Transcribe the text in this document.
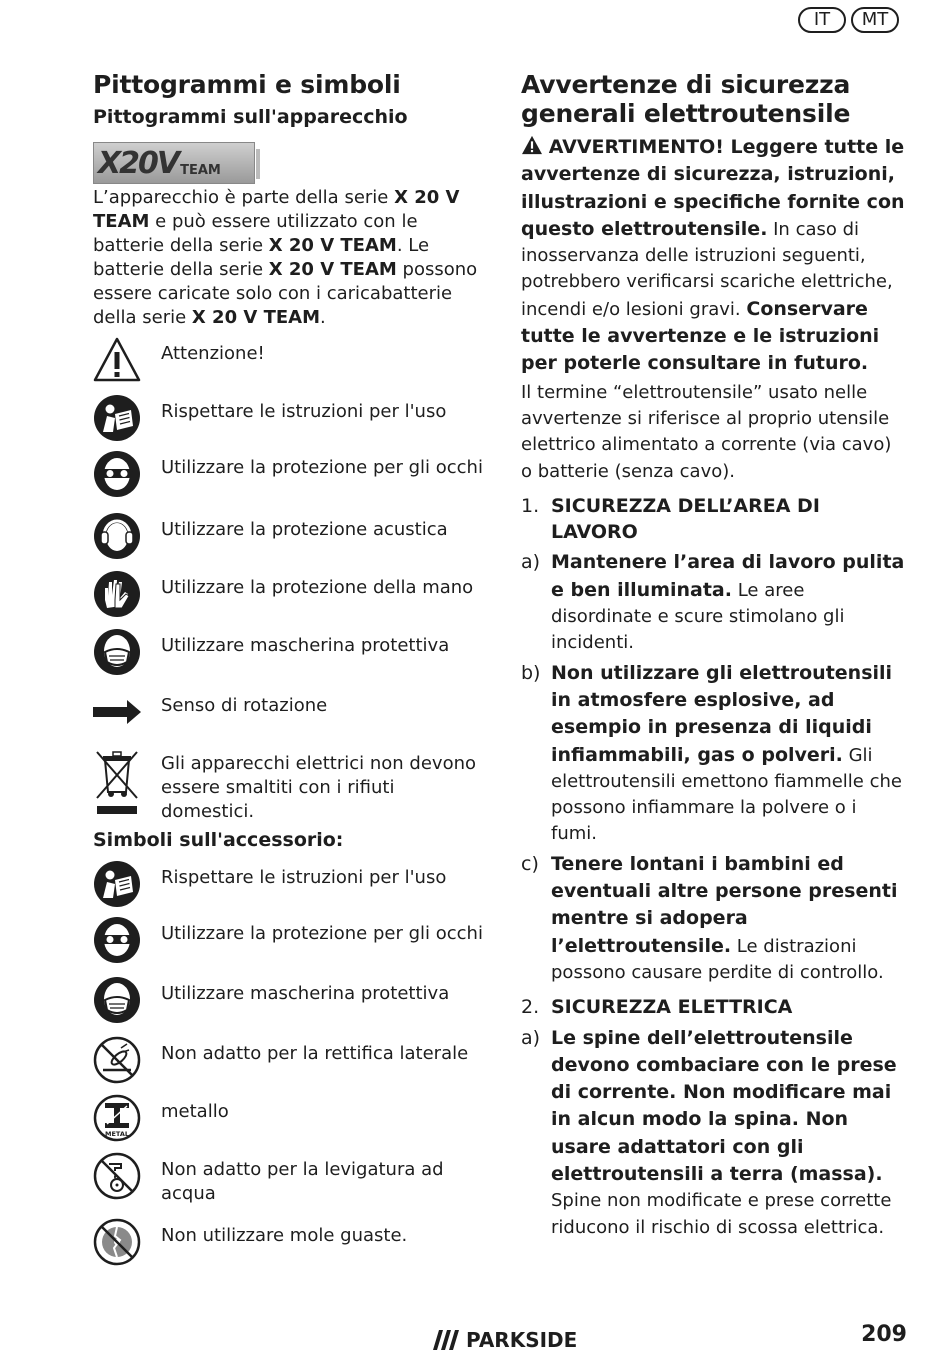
IT	MT
Pittogrammi e simboli
Pittogrammi sull'apparecchio
X20V TEAM

L’apparecchio è parte della serie X 20 V TEAM e può essere utilizzato con le batterie della serie X 20 V TEAM. Le batterie della serie X 20 V TEAM possono essere caricate solo con i caricabatterie della serie X 20 V TEAM.

Attenzione!
Rispettare le istruzioni per l'uso
Utilizzare la protezione per gli occhi
Utilizzare la protezione acustica
Utilizzare la protezione della mano
Utilizzare mascherina protettiva
Senso di rotazione
Gli apparecchi elettrici non devono essere smaltiti con i rifiuti domestici.
Simboli sull'accessorio:
Rispettare le istruzioni per l'uso
Utilizzare la protezione per gli occhi
Utilizzare mascherina protettiva
Non adatto per la rettifica laterale
METAL
metallo
Non adatto per la levigatura ad acqua
Non utilizzare mole guaste.
Avvertenze di sicurezza
generali elettroutensile

AVVERTIMENTO! Leggere tutte le avvertenze di sicurezza, istruzioni, illustrazioni e specifiche fornite con questo elettroutensile. In caso di inosservanza delle istruzioni seguenti, potrebbero verificarsi scariche elettriche, incendi e/o lesioni gravi. Conservare tutte le avvertenze e le istruzioni per poterle consultare in futuro.

Il termine “elettroutensile” usato nelle avvertenze si riferisce al proprio utensile elettrico alimentato a corrente (via cavo) o batterie (senza cavo).

1. SICUREZZA DELL’AREA DI LAVORO
a) Mantenere l’area di lavoro pulita e ben illuminata. Le aree disordinate e scure stimolano gli incidenti.
b) Non utilizzare gli elettroutensili in atmosfere esplosive, ad esempio in presenza di liquidi infiammabili, gas o polveri. Gli elettroutensili emettono fiammelle che possono infiammare la polvere o i fumi.
c) Tenere lontani i bambini ed eventuali altre persone presenti mentre si adopera l’elettroutensile. Le distrazioni possono causare perdite di controllo.
2. SICUREZZA ELETTRICA
a) Le spine dell’elettroutensile devono combaciare con le prese di corrente. Non modificare mai in alcun modo la spina. Non usare adattatori con gli elettroutensili a terra (massa). Spine non modificate e prese corrette riducono il rischio di scossa elettrica.
PARKSIDE	209
